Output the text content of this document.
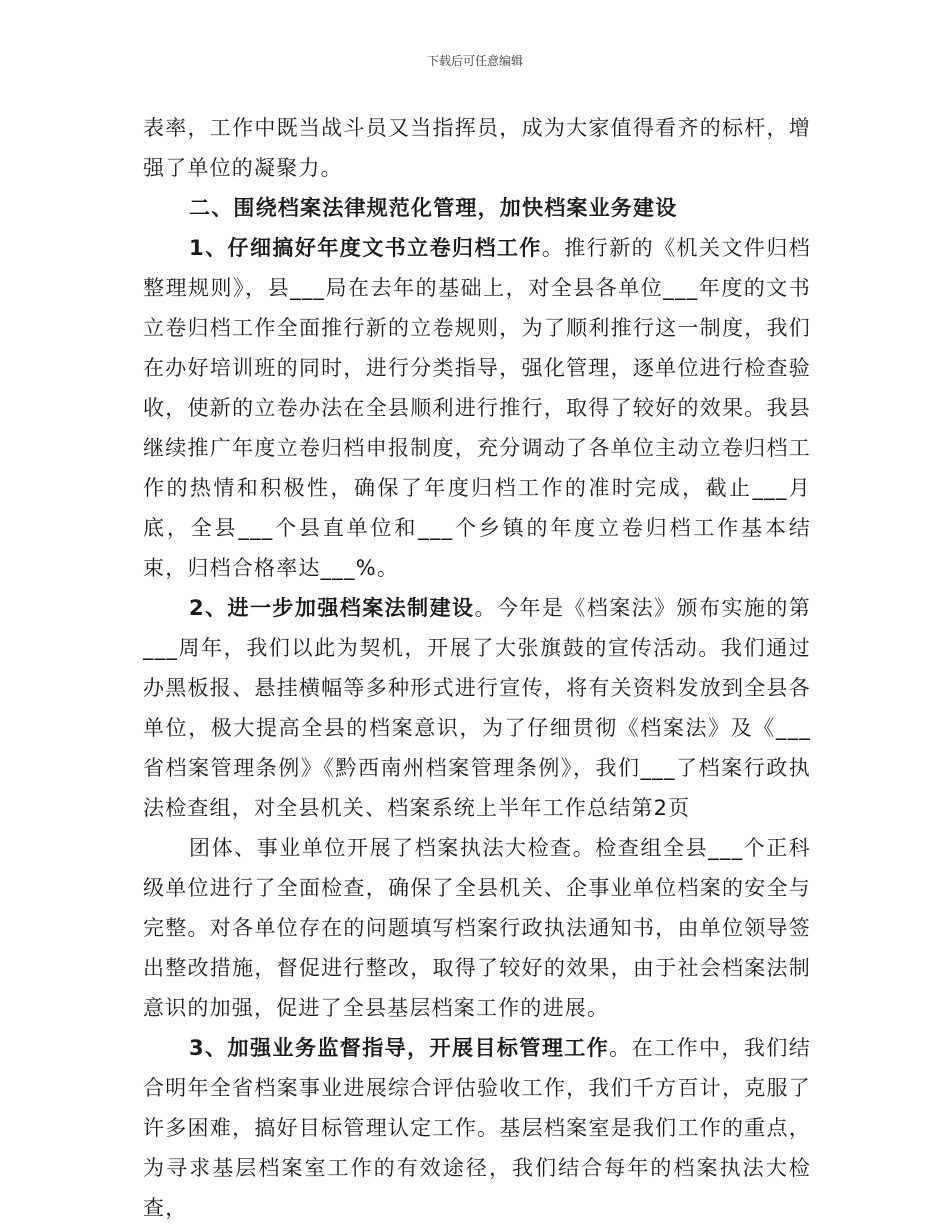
下载后可任意编辑

表率，工作中既当战斗员又当指挥员，成为大家值得看齐的标杆，增强了单位的凝聚力。

二、围绕档案法律规范化管理，加快档案业务建设

1、仔细搞好年度文书立卷归档工作。推行新的《机关文件归档整理规则》，县___局在去年的基础上，对全县各单位___年度的文书立卷归档工作全面推行新的立卷规则，为了顺利推行这一制度，我们在办好培训班的同时，进行分类指导，强化管理，逐单位进行检查验收，使新的立卷办法在全县顺利进行推行，取得了较好的效果。我县继续推广年度立卷归档申报制度，充分调动了各单位主动立卷归档工作的热情和积极性，确保了年度归档工作的准时完成，截止___月底，全县___个县直单位和___个乡镇的年度立卷归档工作基本结束，归档合格率达___%。

2、进一步加强档案法制建设。今年是《档案法》颁布实施的第___周年，我们以此为契机，开展了大张旗鼓的宣传活动。我们通过办黑板报、悬挂横幅等多种形式进行宣传，将有关资料发放到全县各单位，极大提高全县的档案意识，为了仔细贯彻《档案法》及《___省档案管理条例》《黔西南州档案管理条例》，我们___了档案行政执法检查组，对全县机关、档案系统上半年工作总结第2页

团体、事业单位开展了档案执法大检查。检查组全县___个正科级单位进行了全面检查，确保了全县机关、企事业单位档案的安全与完整。对各单位存在的问题填写档案行政执法通知书，由单位领导签出整改措施，督促进行整改，取得了较好的效果，由于社会档案法制意识的加强，促进了全县基层档案工作的进展。

3、加强业务监督指导，开展目标管理工作。在工作中，我们结合明年全省档案事业进展综合评估验收工作，我们千方百计，克服了许多困难，搞好目标管理认定工作。基层档案室是我们工作的重点，为寻求基层档案室工作的有效途径，我们结合每年的档案执法大检查，
